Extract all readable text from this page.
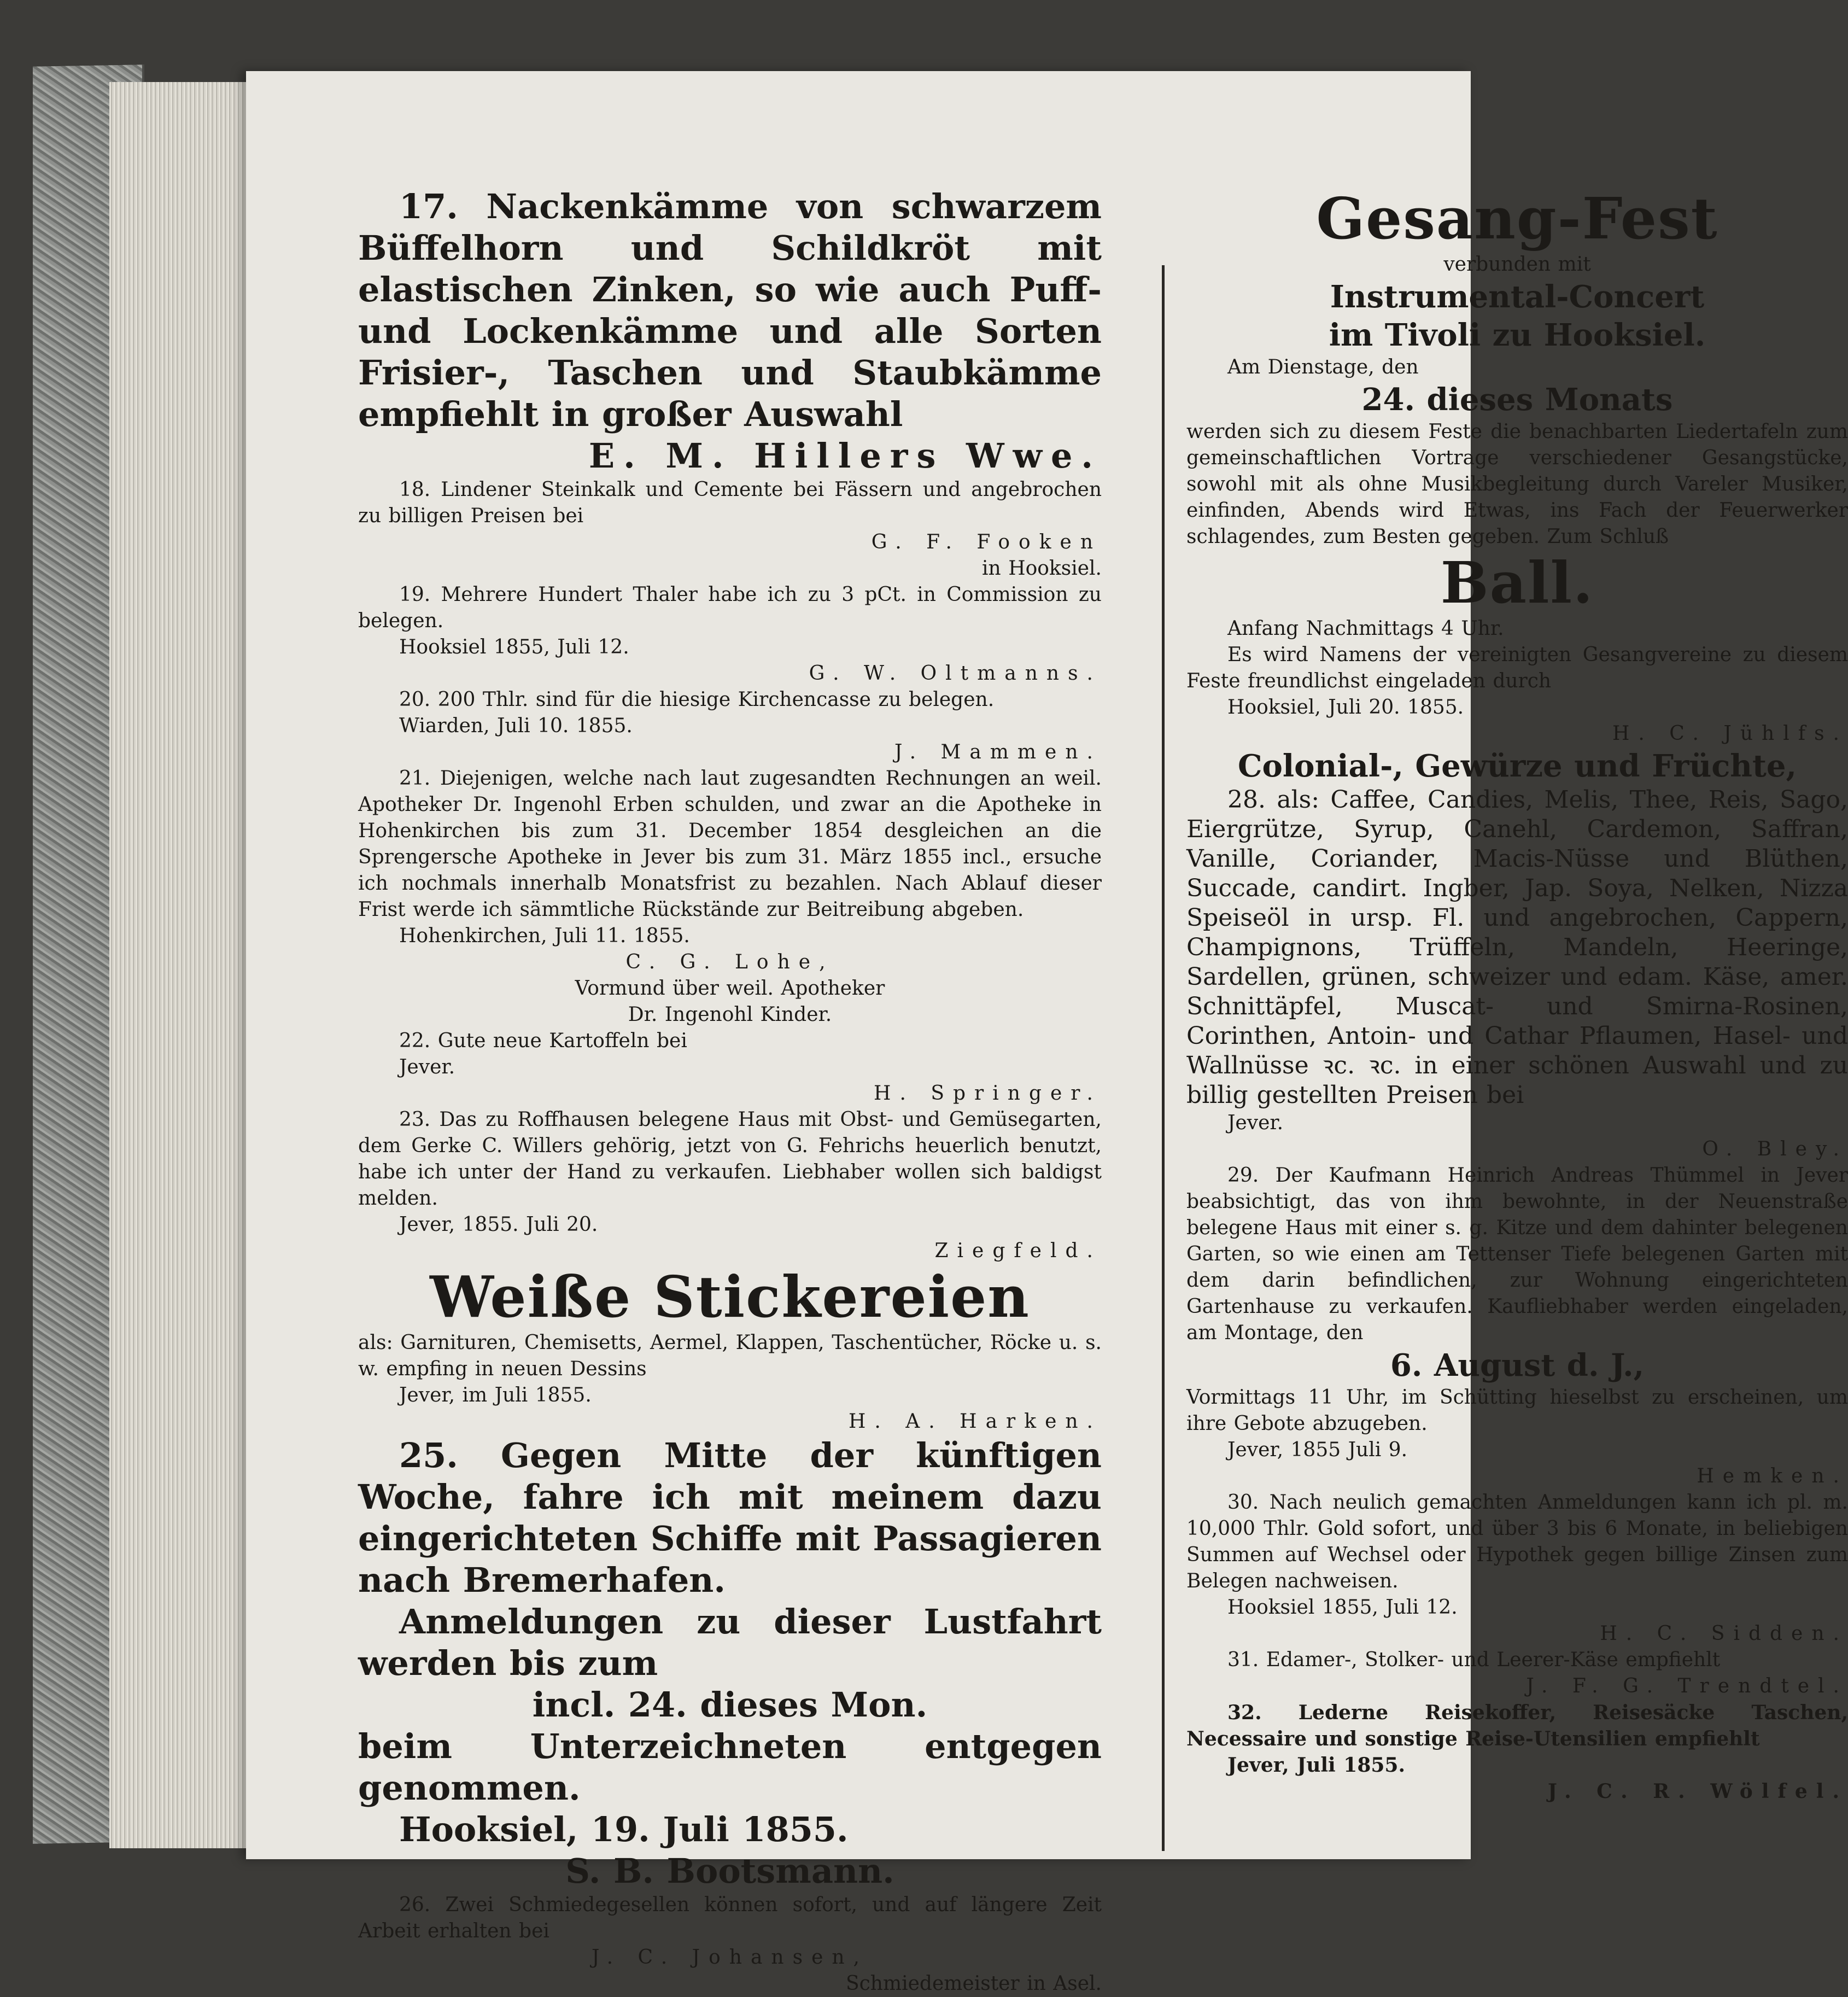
17. Nackenkämme von schwarzem Büffelhorn und Schildkröt mit elastischen Zinken, so wie auch Puff- und Lockenkämme und alle Sorten Frisier-, Taschen und Staubkämme empfiehlt in großer Auswahl

E. M. Hillers Wwe.

18. Lindener Steinkalk und Cemente bei Fässern und angebrochen zu billigen Preisen bei

G. F. Fooken

in Hooksiel.

19. Mehrere Hundert Thaler habe ich zu 3 pCt. in Commission zu belegen.

Hooksiel 1855, Juli 12.

G. W. Oltmanns.

20. 200 Thlr. sind für die hiesige Kirchencasse zu belegen.

Wiarden, Juli 10. 1855.

J. Mammen.

21. Diejenigen, welche nach laut zugesandten Rechnungen an weil. Apotheker Dr. Ingenohl Erben schulden, und zwar an die Apotheke in Hohenkirchen bis zum 31. December 1854 desgleichen an die Sprengersche Apotheke in Jever bis zum 31. März 1855 incl., ersuche ich nochmals innerhalb Monatsfrist zu bezahlen. Nach Ablauf dieser Frist werde ich sämmtliche Rückstände zur Beitreibung abgeben.

Hohenkirchen, Juli 11. 1855.

C. G. Lohe,

Vormund über weil. Apotheker

Dr. Ingenohl Kinder.

22. Gute neue Kartoffeln bei

Jever.

H. Springer.

23. Das zu Roffhausen belegene Haus mit Obst- und Gemüsegarten, dem Gerke C. Willers gehörig, jetzt von G. Fehrichs heuerlich benutzt, habe ich unter der Hand zu verkaufen. Liebhaber wollen sich baldigst melden.

Jever, 1855. Juli 20.

Ziegfeld.

Weiße Stickereien

als: Garnituren, Chemisetts, Aermel, Klappen, Taschentücher, Röcke u. s. w. empfing in neuen Dessins

Jever, im Juli 1855.

H. A. Harken.

25. Gegen Mitte der künftigen Woche, fahre ich mit meinem dazu eingerichteten Schiffe mit Passagieren nach Bremerhafen.

Anmeldungen zu dieser Lustfahrt werden bis zum

incl. 24. dieses Mon.

beim Unterzeichneten entgegen genommen.

Hooksiel, 19. Juli 1855.

S. B. Bootsmann.

26. Zwei Schmiedegesellen können sofort, und auf längere Zeit Arbeit erhalten bei

J. C. Johansen,

Schmiedemeister in Asel.

Gesang-Fest

verbunden mit

Instrumental-Concert

im Tivoli zu Hooksiel.

Am Dienstage, den

24. dieses Monats

werden sich zu diesem Feste die benachbarten Liedertafeln zum gemeinschaftlichen Vortrage verschiedener Gesangstücke, sowohl mit als ohne Musikbegleitung durch Vareler Musiker, einfinden, Abends wird Etwas, ins Fach der Feuerwerker schlagendes, zum Besten gegeben. Zum Schluß

Ball.

Anfang Nachmittags 4 Uhr.

Es wird Namens der vereinigten Gesangvereine zu diesem Feste freundlichst eingeladen durch

Hooksiel, Juli 20. 1855.

H. C. Jühlfs.

Colonial-, Gewürze und Früchte,

28. als: Caffee, Candies, Melis, Thee, Reis, Sago, Eiergrütze, Syrup, Canehl, Cardemon, Saffran, Vanille, Coriander, Macis-Nüsse und Blüthen, Succade, candirt. Ingber, Jap. Soya, Nelken, Nizza Speiseöl in ursp. Fl. und angebrochen, Cappern, Champignons, Trüffeln, Mandeln, Heeringe, Sardellen, grünen, schweizer und edam. Käse, amer. Schnittäpfel, Muscat- und Smirna-Rosinen, Corinthen, Antoin- und Cathar Pflaumen, Hasel- und Wallnüsse ꝛc. ꝛc. in einer schönen Auswahl und zu billig gestellten Preisen bei

Jever.

O. Bley.

29. Der Kaufmann Heinrich Andreas Thümmel in Jever beabsichtigt, das von ihm bewohnte, in der Neuenstraße belegene Haus mit einer s. g. Kitze und dem dahinter belegenen Garten, so wie einen am Tettenser Tiefe belegenen Garten mit dem darin befindlichen, zur Wohnung eingerichteten Gartenhause zu verkaufen. Kaufliebhaber werden eingeladen, am Montage, den

6. August d. J.,

Vormittags 11 Uhr, im Schütting hieselbst zu erscheinen, um ihre Gebote abzugeben.

Jever, 1855 Juli 9.

Hemken.

30. Nach neulich gemachten Anmeldungen kann ich pl. m. 10,000 Thlr. Gold sofort, und über 3 bis 6 Monate, in beliebigen Summen auf Wechsel oder Hypothek gegen billige Zinsen zum Belegen nachweisen.

Hooksiel 1855, Juli 12.

H. C. Sidden.

31. Edamer-, Stolker- und Leerer-Käse empfiehlt

J. F. G. Trendtel.

32. Lederne Reisekoffer, Reisesäcke Taschen, Necessaire und sonstige Reise-Utensilien empfiehlt

Jever, Juli 1855.

J. C. R. Wölfel.
